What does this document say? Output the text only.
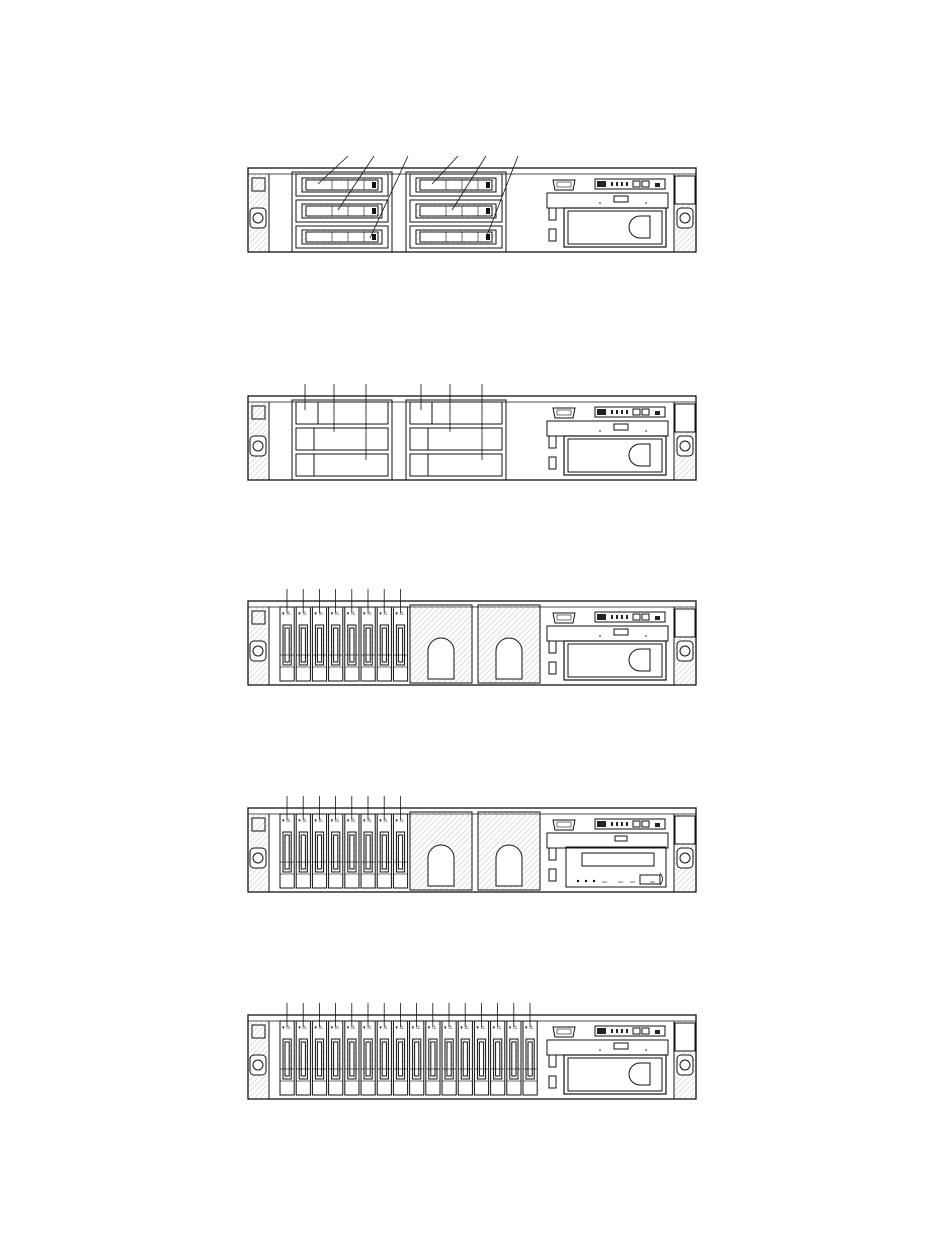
▾ ⚠ ▾ ⚠ ▾ ⚠ ▾ ⚠ ▾ ⚠ ▾ ⚠ ▾ ⚠ ▾ ⚠
▾ ⚠ ▾ ⚠ ▾ ⚠ ▾ ⚠ ▾ ⚠ ▾ ⚠ ▾ ⚠ ▾ ⚠
▾ ⚠ ▾ ⚠ ▾ ⚠ ▾ ⚠ ▾ ⚠ ▾ ⚠ ▾ ⚠ ▾ ⚠ ▾ ⚠ ▾ ⚠ ▾ ⚠ ▾ ⚠ ▾ ⚠ ▾ ⚠ ▾ ⚠ ▾ ⚠
